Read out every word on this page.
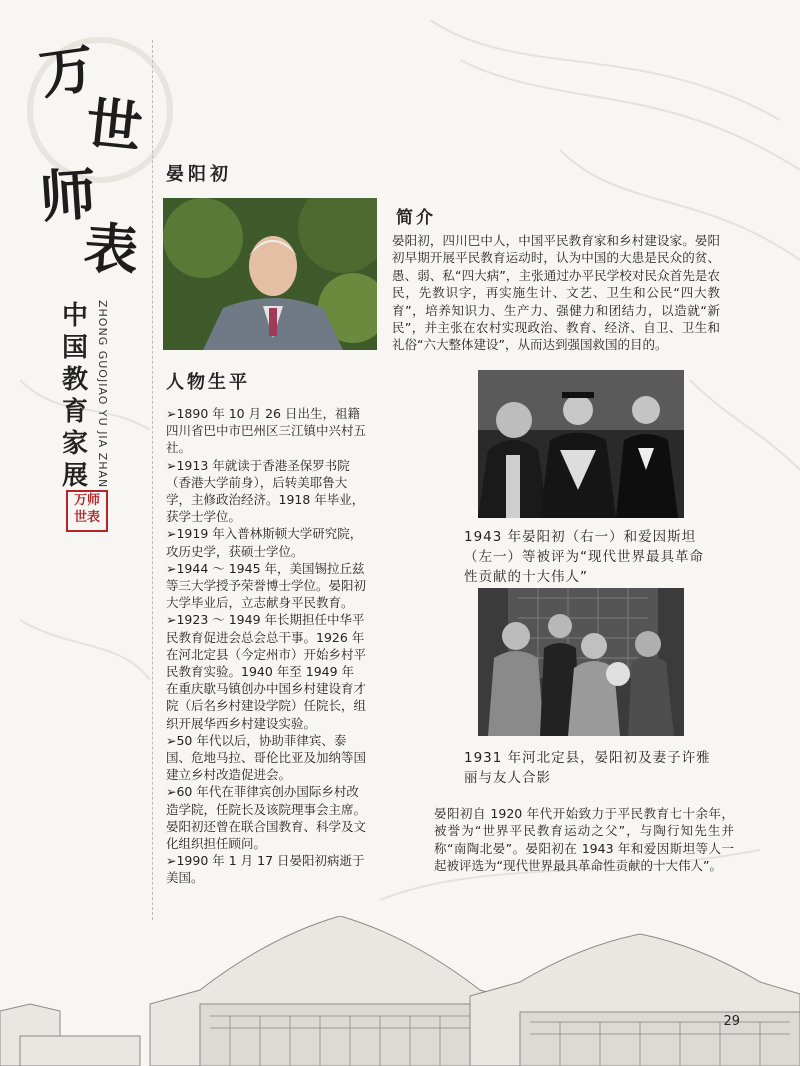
万
世
师
表
中国教育家展 ZHONG GUOJIAO YU JIA ZHAN
万师世表
晏阳初
简介
晏阳初，四川巴中人，中国平民教育家和乡村建设家。晏阳初早期开展平民教育运动时，认为中国的大患是民众的贫、愚、弱、私“四大病”，主张通过办平民学校对民众首先是农民，先教识字，再实施生计、文艺、卫生和公民“四大教育”，培养知识力、生产力、强健力和团结力，以造就“新民”，并主张在农村实现政治、教育、经济、自卫、卫生和礼俗“六大整体建设”，从而达到强国救国的目的。
人物生平

➢1890 年 10 月 26 日出生，祖籍四川省巴中市巴州区三江镇中兴村五社。

➢1913 年就读于香港圣保罗书院（香港大学前身），后转美耶鲁大学，主修政治经济。1918 年毕业，获学士学位。

➢1919 年入普林斯顿大学研究院，攻历史学，获硕士学位。

➢1944 ～ 1945 年，美国锡拉丘兹等三大学授予荣誉博士学位。晏阳初大学毕业后，立志献身平民教育。

➢1923 ～ 1949 年长期担任中华平民教育促进会总会总干事。1926 年在河北定县（今定州市）开始乡村平民教育实验。1940 年至 1949 年在重庆歇马镇创办中国乡村建设育才院（后名乡村建设学院）任院长，组织开展华西乡村建设实验。

➢50 年代以后，协助菲律宾、泰国、危地马拉、哥伦比亚及加纳等国建立乡村改造促进会。

➢60 年代在菲律宾创办国际乡村改造学院，任院长及该院理事会主席。晏阳初还曾在联合国教育、科学及文化组织担任顾问。

➢1990 年 1 月 17 日晏阳初病逝于美国。

1943 年晏阳初（右一）和爱因斯坦（左一）等被评为“现代世界最具革命性贡献的十大伟人”
1931 年河北定县，晏阳初及妻子许雅丽与友人合影
晏阳初自 1920 年代开始致力于平民教育七十余年，被誉为“世界平民教育运动之父”，与陶行知先生并称“南陶北晏”。晏阳初在 1943 年和爱因斯坦等人一起被评选为“现代世界最具革命性贡献的十大伟人”。
29
